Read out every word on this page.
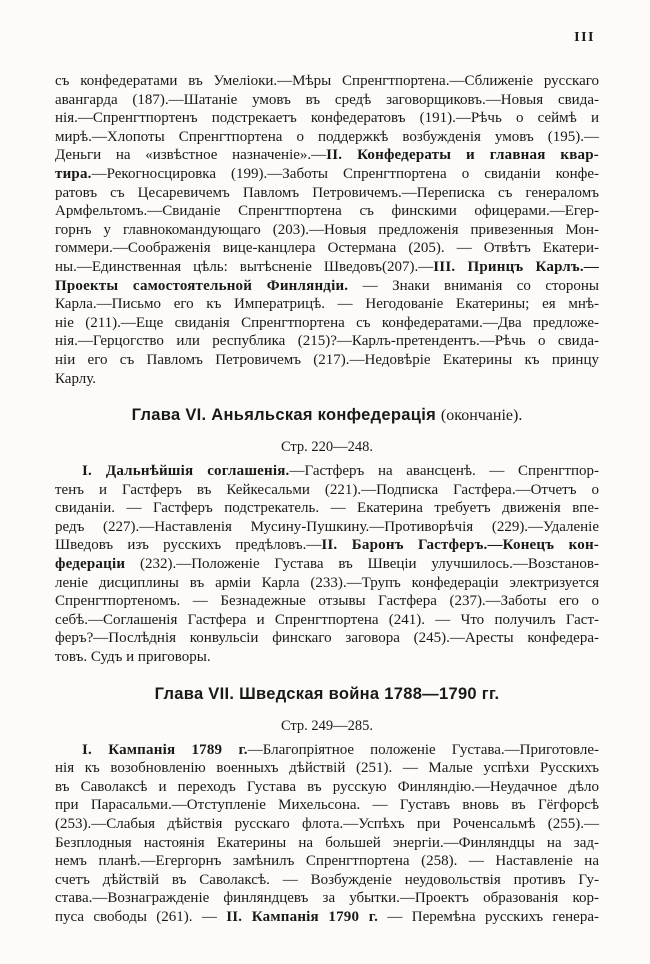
III
съ конфедератами въ Умеліоки.—Мѣры Спренгтпортена.—Сближеніе русскаго
авангарда (187).—Шатаніе умовъ въ средѣ заговорщиковъ.—Новыя свида-
нія.—Спренгтпортенъ подстрекаетъ конфедератовъ (191).—Рѣчь о сеймѣ и
мирѣ.—Хлопоты Спренгтпортена о поддержкѣ возбужденія умовъ (195).—
Деньги на «извѣстное назначеніе».—II. Конфедераты и главная квар-
тира.—Рекогносцировка (199).—Заботы Спренгтпортена о свиданіи конфе-
ратовъ съ Цесаревичемъ Павломъ Петровичемъ.—Переписка съ генераломъ
Армфельтомъ.—Свиданіе Спренгтпортена съ финскими офицерами.—Егер-
горнъ у главнокомандующаго (203).—Новыя предложенія привезенныя Мон-
гоммери.—Соображенія вице-канцлера Остермана (205). — Отвѣтъ Екатери-
ны.—Единственная цѣль: вытѣсненіе Шведовъ(207).—III. Принцъ Карлъ.—
Проекты самостоятельной Финляндіи. — Знаки вниманія со стороны
Карла.—Письмо его къ Императрицѣ. — Негодованіе Екатерины; ея мнѣ-
ніе (211).—Еще свиданія Спренгтпортена съ конфедератами.—Два предложе-
нія.—Герцогство или республика (215)?—Карлъ-претендентъ.—Рѣчь о свида-
ніи его съ Павломъ Петровичемъ (217).—Недовѣріе Екатерины къ принцу
Карлу.
Глава VI. Аньяльская конфедерація (окончаніе).
Стр. 220—248.
I. Дальнѣйшія соглашенія.—Гастферъ на авансценѣ. — Спренгтпор-
тенъ и Гастферъ въ Кейкесальми (221).—Подписка Гастфера.—Отчетъ о
свиданіи. — Гастферъ подстрекатель. — Екатерина требуетъ движенія впе-
редъ (227).—Наставленія Мусину-Пушкину.—Противорѣчія (229).—Удаленіе
Шведовъ изъ русскихъ предѣловъ.—II. Баронъ Гастферъ.—Конецъ кон-
федераціи (232).—Положеніе Густава въ Швеціи улучшилось.—Возстанов-
леніе дисциплины въ арміи Карла (233).—Трупъ конфедераціи электризуется
Спренгтпортеномъ. — Безнадежные отзывы Гастфера (237).—Заботы его о
себѣ.—Соглашенія Гастфера и Спренгтпортена (241). — Что получилъ Гаст-
феръ?—Послѣднія конвульсіи финскаго заговора (245).—Аресты конфедера-
товъ. Судъ и приговоры.
Глава VII. Шведская война 1788—1790 гг.
Стр. 249—285.
I. Кампанія 1789 г.—Благопріятное положеніе Густава.—Приготовле-
нія къ возобновленію военныхъ дѣйствій (251). — Малые успѣхи Русскихъ
въ Саволаксѣ и переходъ Густава въ русскую Финляндію.—Неудачное дѣло
при Парасальми.—Отступленіе Михельсона. — Густавъ вновь въ Гёгфорсѣ
(253).—Слабыя дѣйствія русскаго флота.—Успѣхъ при Роченсальмѣ (255).—
Безплодныя настоянія Екатерины на большей энергіи.—Финляндцы на зад-
немъ планѣ.—Егергорнъ замѣнилъ Спренгтпортена (258). — Наставленіе на
счетъ дѣйствій въ Саволаксѣ. — Возбужденіе неудовольствія противъ Гу-
става.—Вознагражденіе финляндцевъ за убытки.—Проектъ образованія кор-
пуса свободы (261). — II. Кампанія 1790 г. — Перемѣна русскихъ генера-
